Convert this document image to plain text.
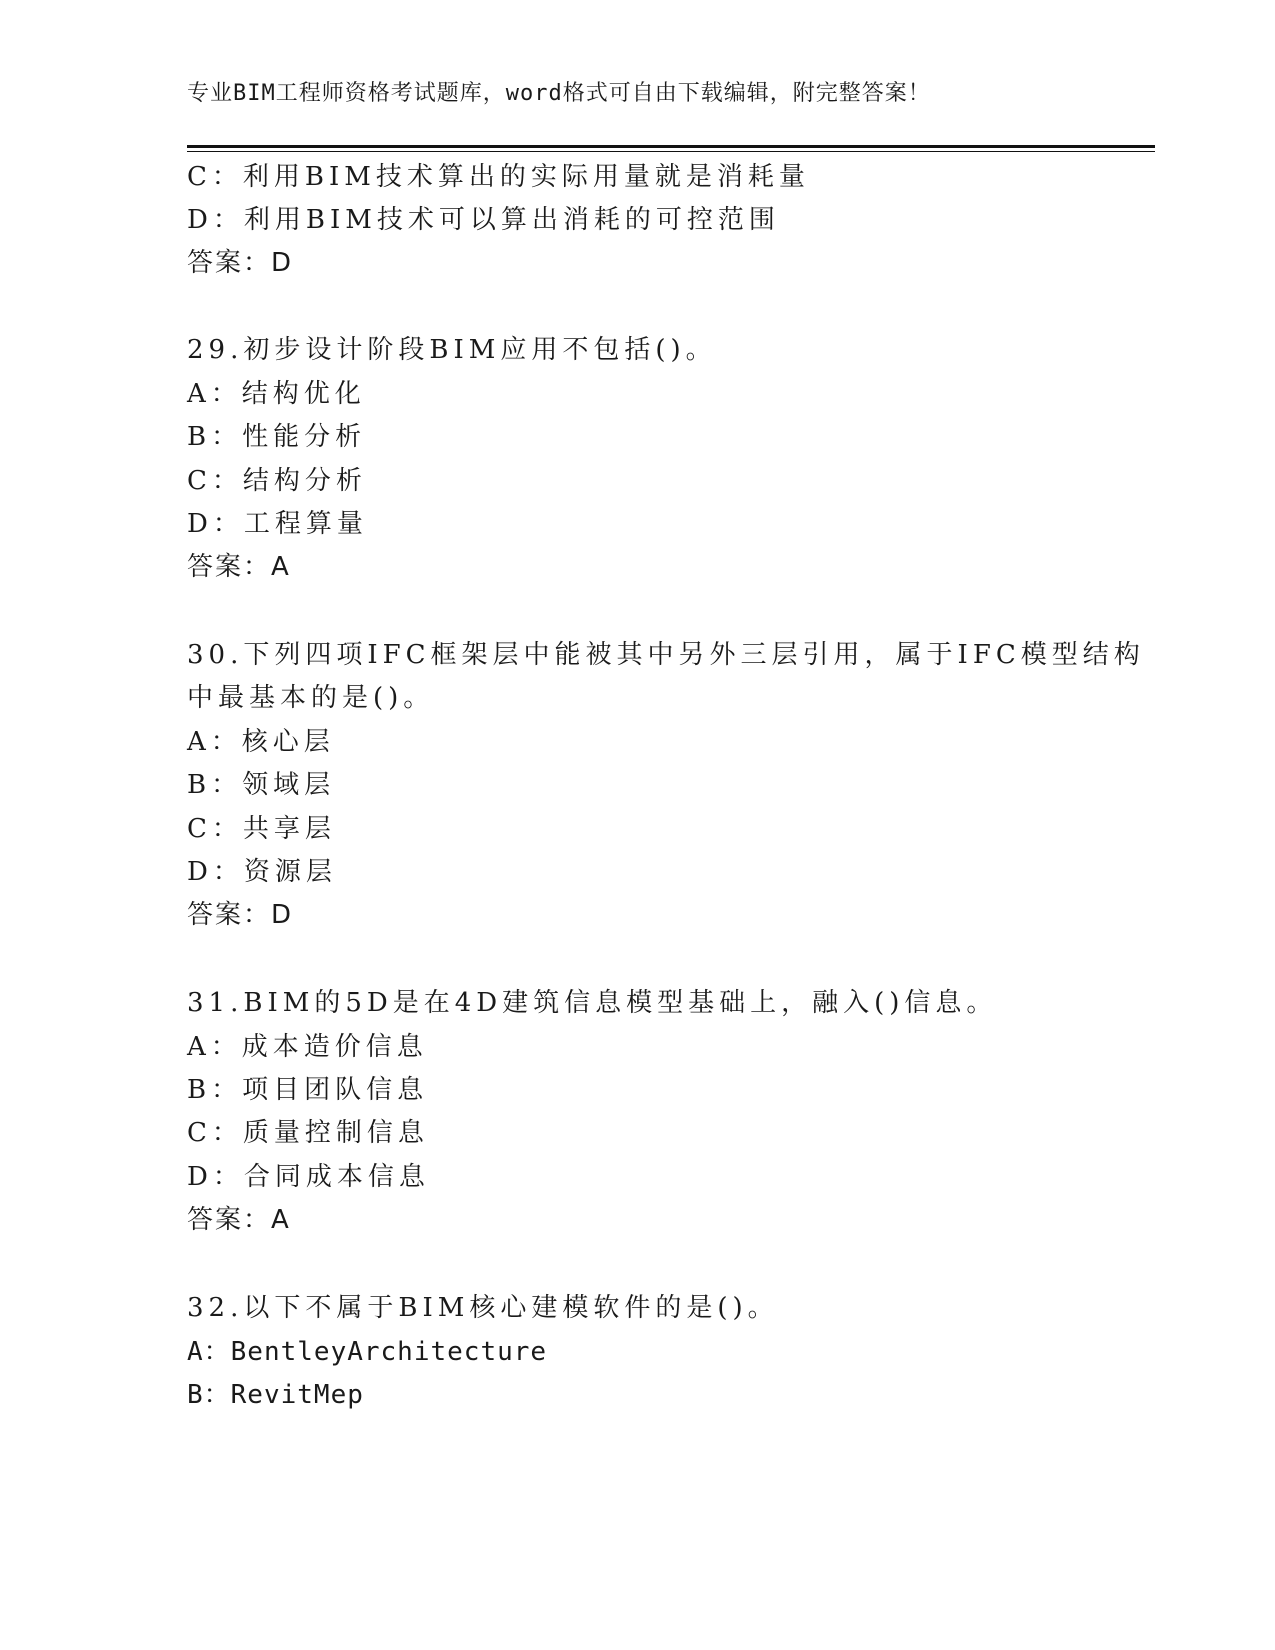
专业BIM工程师资格考试题库，word格式可自由下载编辑，附完整答案！
C：利用BIM技术算出的实际用量就是消耗量
D：利用BIM技术可以算出消耗的可控范围
答案：D
29.初步设计阶段BIM应用不包括()。
A：结构优化
B：性能分析
C：结构分析
D：工程算量
答案：A
30.下列四项IFC框架层中能被其中另外三层引用，属于IFC模型结构
中最基本的是()。
A：核心层
B：领域层
C：共享层
D：资源层
答案：D
31.BIM的5D是在4D建筑信息模型基础上，融入()信息。
A：成本造价信息
B：项目团队信息
C：质量控制信息
D：合同成本信息
答案：A
32.以下不属于BIM核心建模软件的是()。
A：BentleyArchitecture
B：RevitMep
